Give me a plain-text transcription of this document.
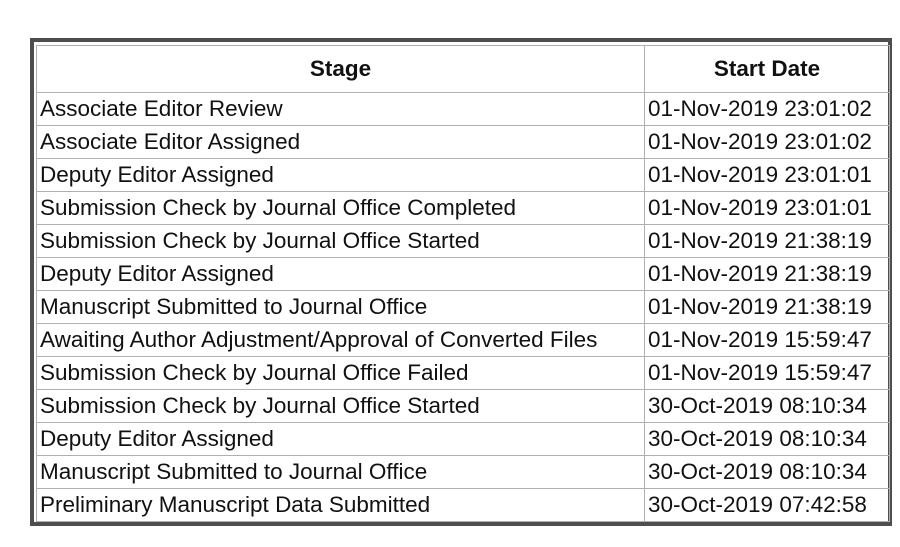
Stage	Start Date
Associate Editor Review	01-Nov-2019 23:01:02
Associate Editor Assigned	01-Nov-2019 23:01:02
Deputy Editor Assigned	01-Nov-2019 23:01:01
Submission Check by Journal Office Completed	01-Nov-2019 23:01:01
Submission Check by Journal Office Started	01-Nov-2019 21:38:19
Deputy Editor Assigned	01-Nov-2019 21:38:19
Manuscript Submitted to Journal Office	01-Nov-2019 21:38:19
Awaiting Author Adjustment/Approval of Converted Files	01-Nov-2019 15:59:47
Submission Check by Journal Office Failed	01-Nov-2019 15:59:47
Submission Check by Journal Office Started	30-Oct-2019 08:10:34
Deputy Editor Assigned	30-Oct-2019 08:10:34
Manuscript Submitted to Journal Office	30-Oct-2019 08:10:34
Preliminary Manuscript Data Submitted	30-Oct-2019 07:42:58
